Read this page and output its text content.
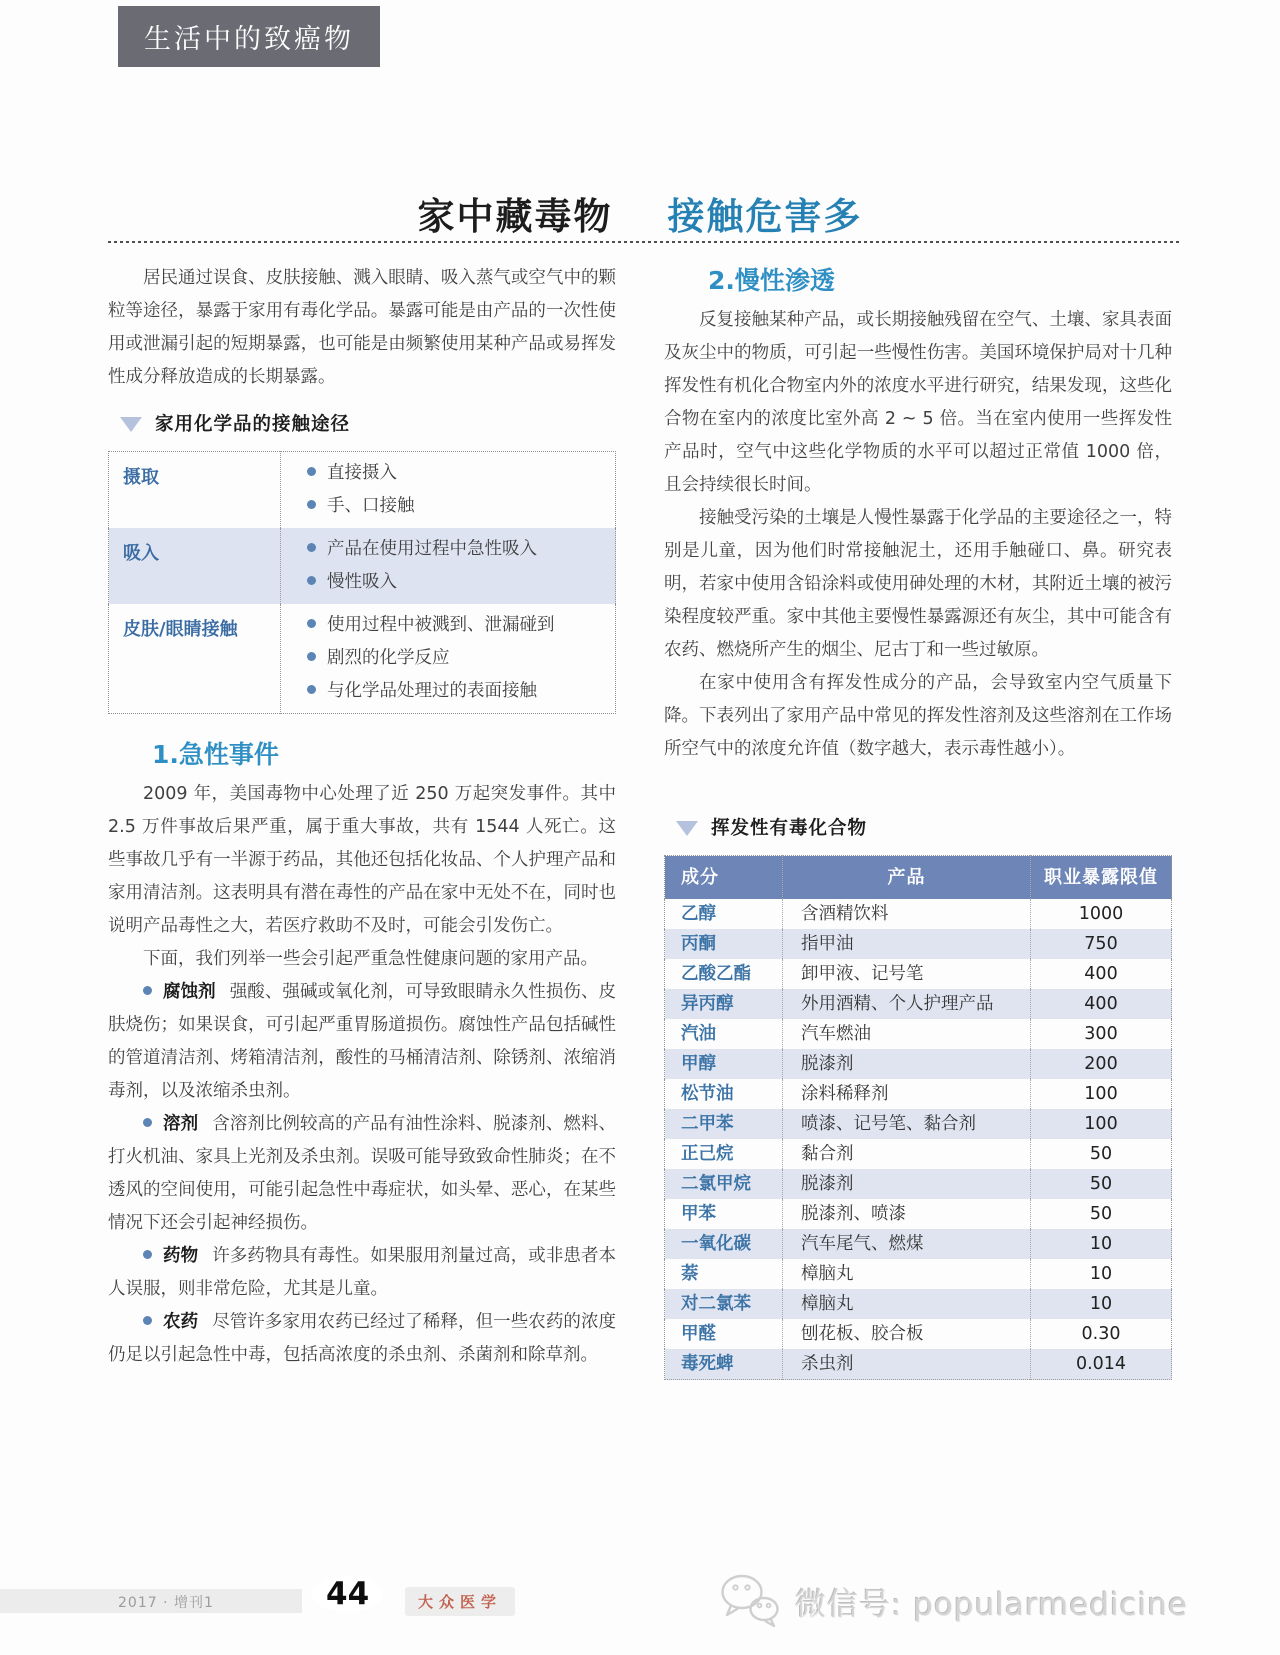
生活中的致癌物
家中藏毒物 接触危害多

居民通过误食、皮肤接触、溅入眼睛、吸入蒸气或空气中的颗粒等途径，暴露于家用有毒化学品。暴露可能是由产品的一次性使用或泄漏引起的短期暴露，也可能是由频繁使用某种产品或易挥发性成分释放造成的长期暴露。

家用化学品的接触途径
摄取	直接摄入
手、口接触

吸入	产品在使用过程中急性吸入
慢性吸入

皮肤/眼睛接触	使用过程中被溅到、泄漏碰到
剧烈的化学反应
与化学品处理过的表面接触
1.急性事件

2009 年，美国毒物中心处理了近 250 万起突发事件。其中 2.5 万件事故后果严重，属于重大事故，共有 1544 人死亡。这些事故几乎有一半源于药品，其他还包括化妆品、个人护理产品和家用清洁剂。这表明具有潜在毒性的产品在家中无处不在，同时也说明产品毒性之大，若医疗救助不及时，可能会引发伤亡。

下面，我们列举一些会引起严重急性健康问题的家用产品。

腐蚀剂 强酸、强碱或氧化剂，可导致眼睛永久性损伤、皮肤烧伤；如果误食，可引起严重胃肠道损伤。腐蚀性产品包括碱性的管道清洁剂、烤箱清洁剂，酸性的马桶清洁剂、除锈剂、浓缩消毒剂，以及浓缩杀虫剂。

溶剂 含溶剂比例较高的产品有油性涂料、脱漆剂、燃料、打火机油、家具上光剂及杀虫剂。误吸可能导致致命性肺炎；在不透风的空间使用，可能引起急性中毒症状，如头晕、恶心，在某些情况下还会引起神经损伤。

药物 许多药物具有毒性。如果服用剂量过高，或非患者本人误服，则非常危险，尤其是儿童。

农药 尽管许多家用农药已经过了稀释，但一些农药的浓度仍足以引起急性中毒，包括高浓度的杀虫剂、杀菌剂和除草剂。

2.慢性渗透

反复接触某种产品，或长期接触残留在空气、土壤、家具表面及灰尘中的物质，可引起一些慢性伤害。美国环境保护局对十几种挥发性有机化合物室内外的浓度水平进行研究，结果发现，这些化合物在室内的浓度比室外高 2 ~ 5 倍。当在室内使用一些挥发性产品时，空气中这些化学物质的水平可以超过正常值 1000 倍，且会持续很长时间。

接触受污染的土壤是人慢性暴露于化学品的主要途径之一，特别是儿童，因为他们时常接触泥土，还用手触碰口、鼻。研究表明，若家中使用含铅涂料或使用砷处理的木材，其附近土壤的被污染程度较严重。家中其他主要慢性暴露源还有灰尘，其中可能含有农药、燃烧所产生的烟尘、尼古丁和一些过敏原。

在家中使用含有挥发性成分的产品，会导致室内空气质量下降。下表列出了家用产品中常见的挥发性溶剂及这些溶剂在工作场所空气中的浓度允许值（数字越大，表示毒性越小）。

挥发性有毒化合物
成分	产品	职业暴露限值
乙醇	含酒精饮料	1000
丙酮	指甲油	750
乙酸乙酯	卸甲液、记号笔	400
异丙醇	外用酒精、个人护理产品	400
汽油	汽车燃油	300
甲醇	脱漆剂	200
松节油	涂料稀释剂	100
二甲苯	喷漆、记号笔、黏合剂	100
正己烷	黏合剂	50
二氯甲烷	脱漆剂	50
甲苯	脱漆剂、喷漆	50
一氧化碳	汽车尾气、燃煤	10
萘	樟脑丸	10
对二氯苯	樟脑丸	10
甲醛	刨花板、胶合板	0.30
毒死蜱	杀虫剂	0.014
2017 · 增刊1	44	大众医学	微信号: popularmedicine
